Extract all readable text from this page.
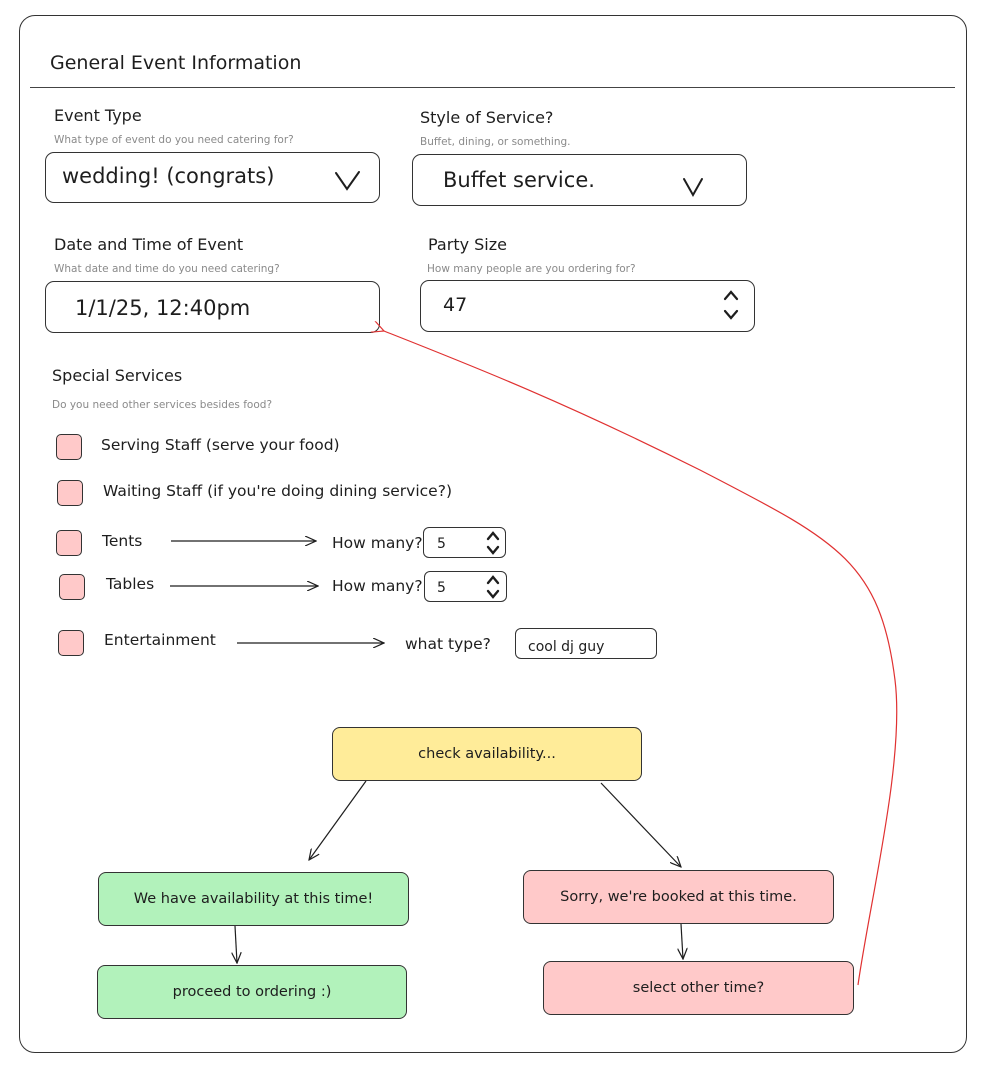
General Event Information
Event Type
What type of event do you need catering for?
wedding! (congrats)
Style of Service?
Buffet, dining, or something.
Buffet service.
Date and Time of Event
What date and time do you need catering?
1/1/25, 12:40pm
Party Size
How many people are you ordering for?
47
Special Services
Do you need other services besides food?
Serving Staff (serve your food)
Waiting Staff (if you're doing dining service?)
Tents	How many? 5
Tables	How many? 5
Entertainment	what type?	cool dj guy
check availability...
We have availability at this time!
proceed to ordering :)
Sorry, we're booked at this time.
select other time?
